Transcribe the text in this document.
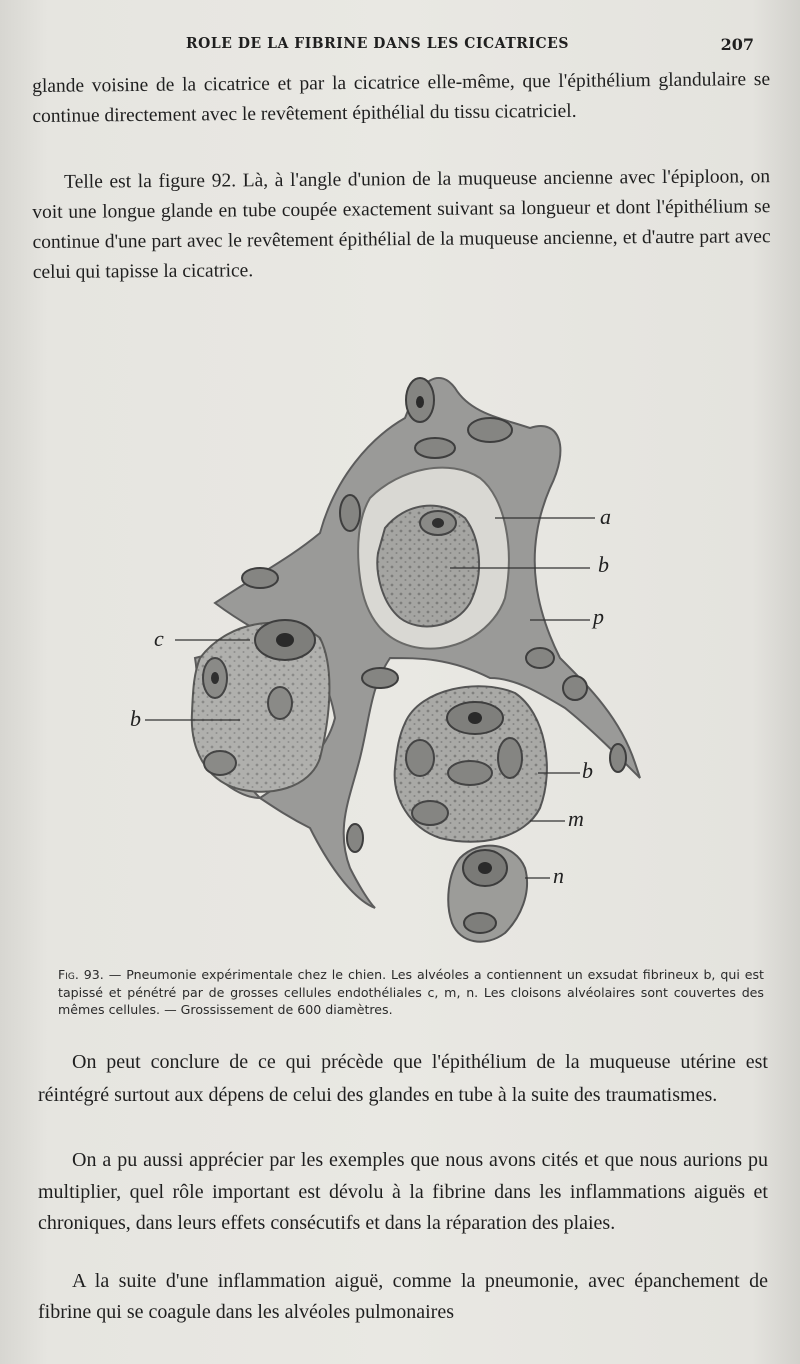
ROLE DE LA FIBRINE DANS LES CICATRICES	207

glande voisine de la cicatrice et par la cicatrice elle-même, que l'épithélium glandulaire se continue directement avec le revêtement épithélial du tissu cicatriciel.

Telle est la figure 92. Là, à l'angle d'union de la muqueuse ancienne avec l'épiploon, on voit une longue glande en tube coupée exactement suivant sa longueur et dont l'épithélium se continue d'une part avec le revêtement épithélial de la muqueuse ancienne, et d'autre part avec celui qui tapisse la cicatrice.

a
b
p
c
b
b
m
n
Fig. 93. — Pneumonie expérimentale chez le chien. Les alvéoles a contiennent un exsudat fibrineux b, qui est tapissé et pénétré par de grosses cellules endothéliales c, m, n. Les cloisons alvéolaires sont couvertes des mêmes cellules. — Grossissement de 600 diamètres.

On peut conclure de ce qui précède que l'épithélium de la muqueuse utérine est réintégré surtout aux dépens de celui des glandes en tube à la suite des traumatismes.

On a pu aussi apprécier par les exemples que nous avons cités et que nous aurions pu multiplier, quel rôle important est dévolu à la fibrine dans les inflammations aiguës et chroniques, dans leurs effets consécutifs et dans la réparation des plaies.

A la suite d'une inflammation aiguë, comme la pneumonie, avec épanchement de fibrine qui se coagule dans les alvéoles pulmonaires
